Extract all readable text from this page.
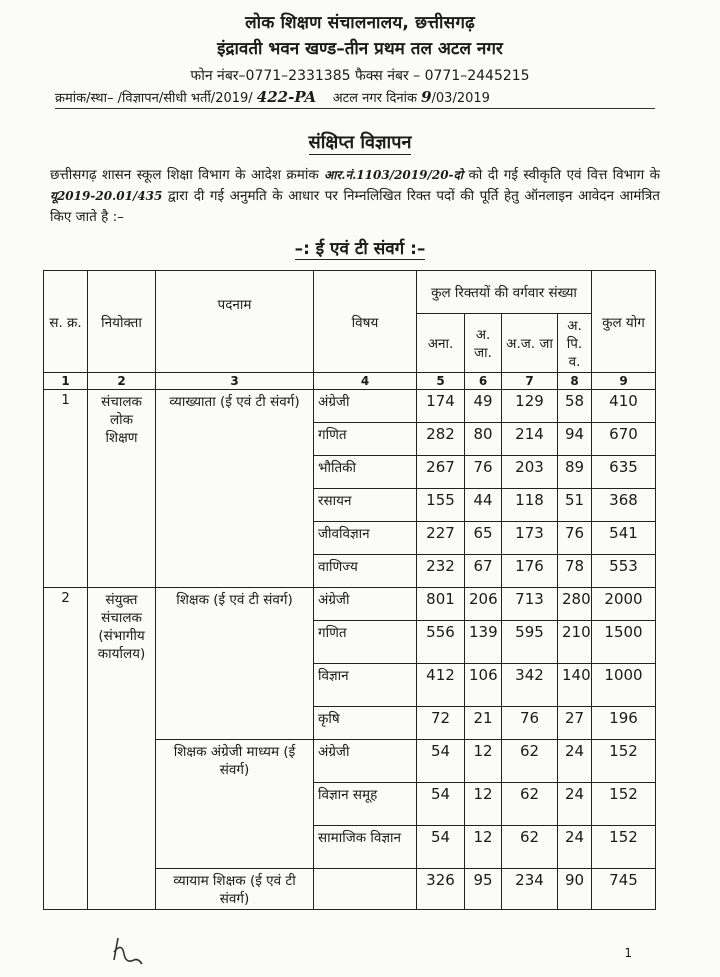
लोक शिक्षण संचालनालय, छत्तीसगढ़
इंद्रावती भवन खण्ड–तीन प्रथम तल अटल नगर
फोन नंबर–0771–2331385 फैक्स नंबर – 0771–2445215
क्रमांक/स्था– /विज्ञापन/सीधी भर्ती/2019/ 422-PA अटल नगर दिनांक 9/03/2019
संक्षिप्त विज्ञापन
छत्तीसगढ़ शासन स्कूल शिक्षा विभाग के आदेश क्रमांक आर.नं.1103/2019/20-दो को दी गई स्वीकृति एवं वित्त विभाग के यू2019-20.01/435 द्वारा दी गई अनुमति के आधार पर निम्नलिखित रिक्त पदों की पूर्ति हेतु ऑनलाइन आवेदन आमंत्रित किए जाते है :–
–: ई एवं टी संवर्ग :–
स. क्र.	नियोक्ता	पदनाम	विषय	कुल रिक्तयों की वर्गवार संख्या				कुल योग
				अना.	अ. जा.	अ.ज. जा	अ. पि. व.	
1	2	3	4	5	6	7	8	9
1	संचालक लोक शिक्षण	व्याख्याता (ई एवं टी संवर्ग)	अंग्रेजी	174	49	129	58	410
			गणित	282	80	214	94	670
			भौतिकी	267	76	203	89	635
			रसायन	155	44	118	51	368
			जीवविज्ञान	227	65	173	76	541
			वाणिज्य	232	67	176	78	553
2	संयुक्त संचालक (संभागीय कार्यालय)	शिक्षक (ई एवं टी संवर्ग)	अंग्रेजी	801	206	713	280	2000
			गणित	556	139	595	210	1500
			विज्ञान	412	106	342	140	1000
			कृषि	72	21	76	27	196
		शिक्षक अंग्रेजी माध्यम (ई संवर्ग)	अंग्रेजी	54	12	62	24	152
			विज्ञान समूह	54	12	62	24	152
			सामाजिक विज्ञान	54	12	62	24	152
		व्यायाम शिक्षक (ई एवं टी संवर्ग)		326	95	234	90	745
1
